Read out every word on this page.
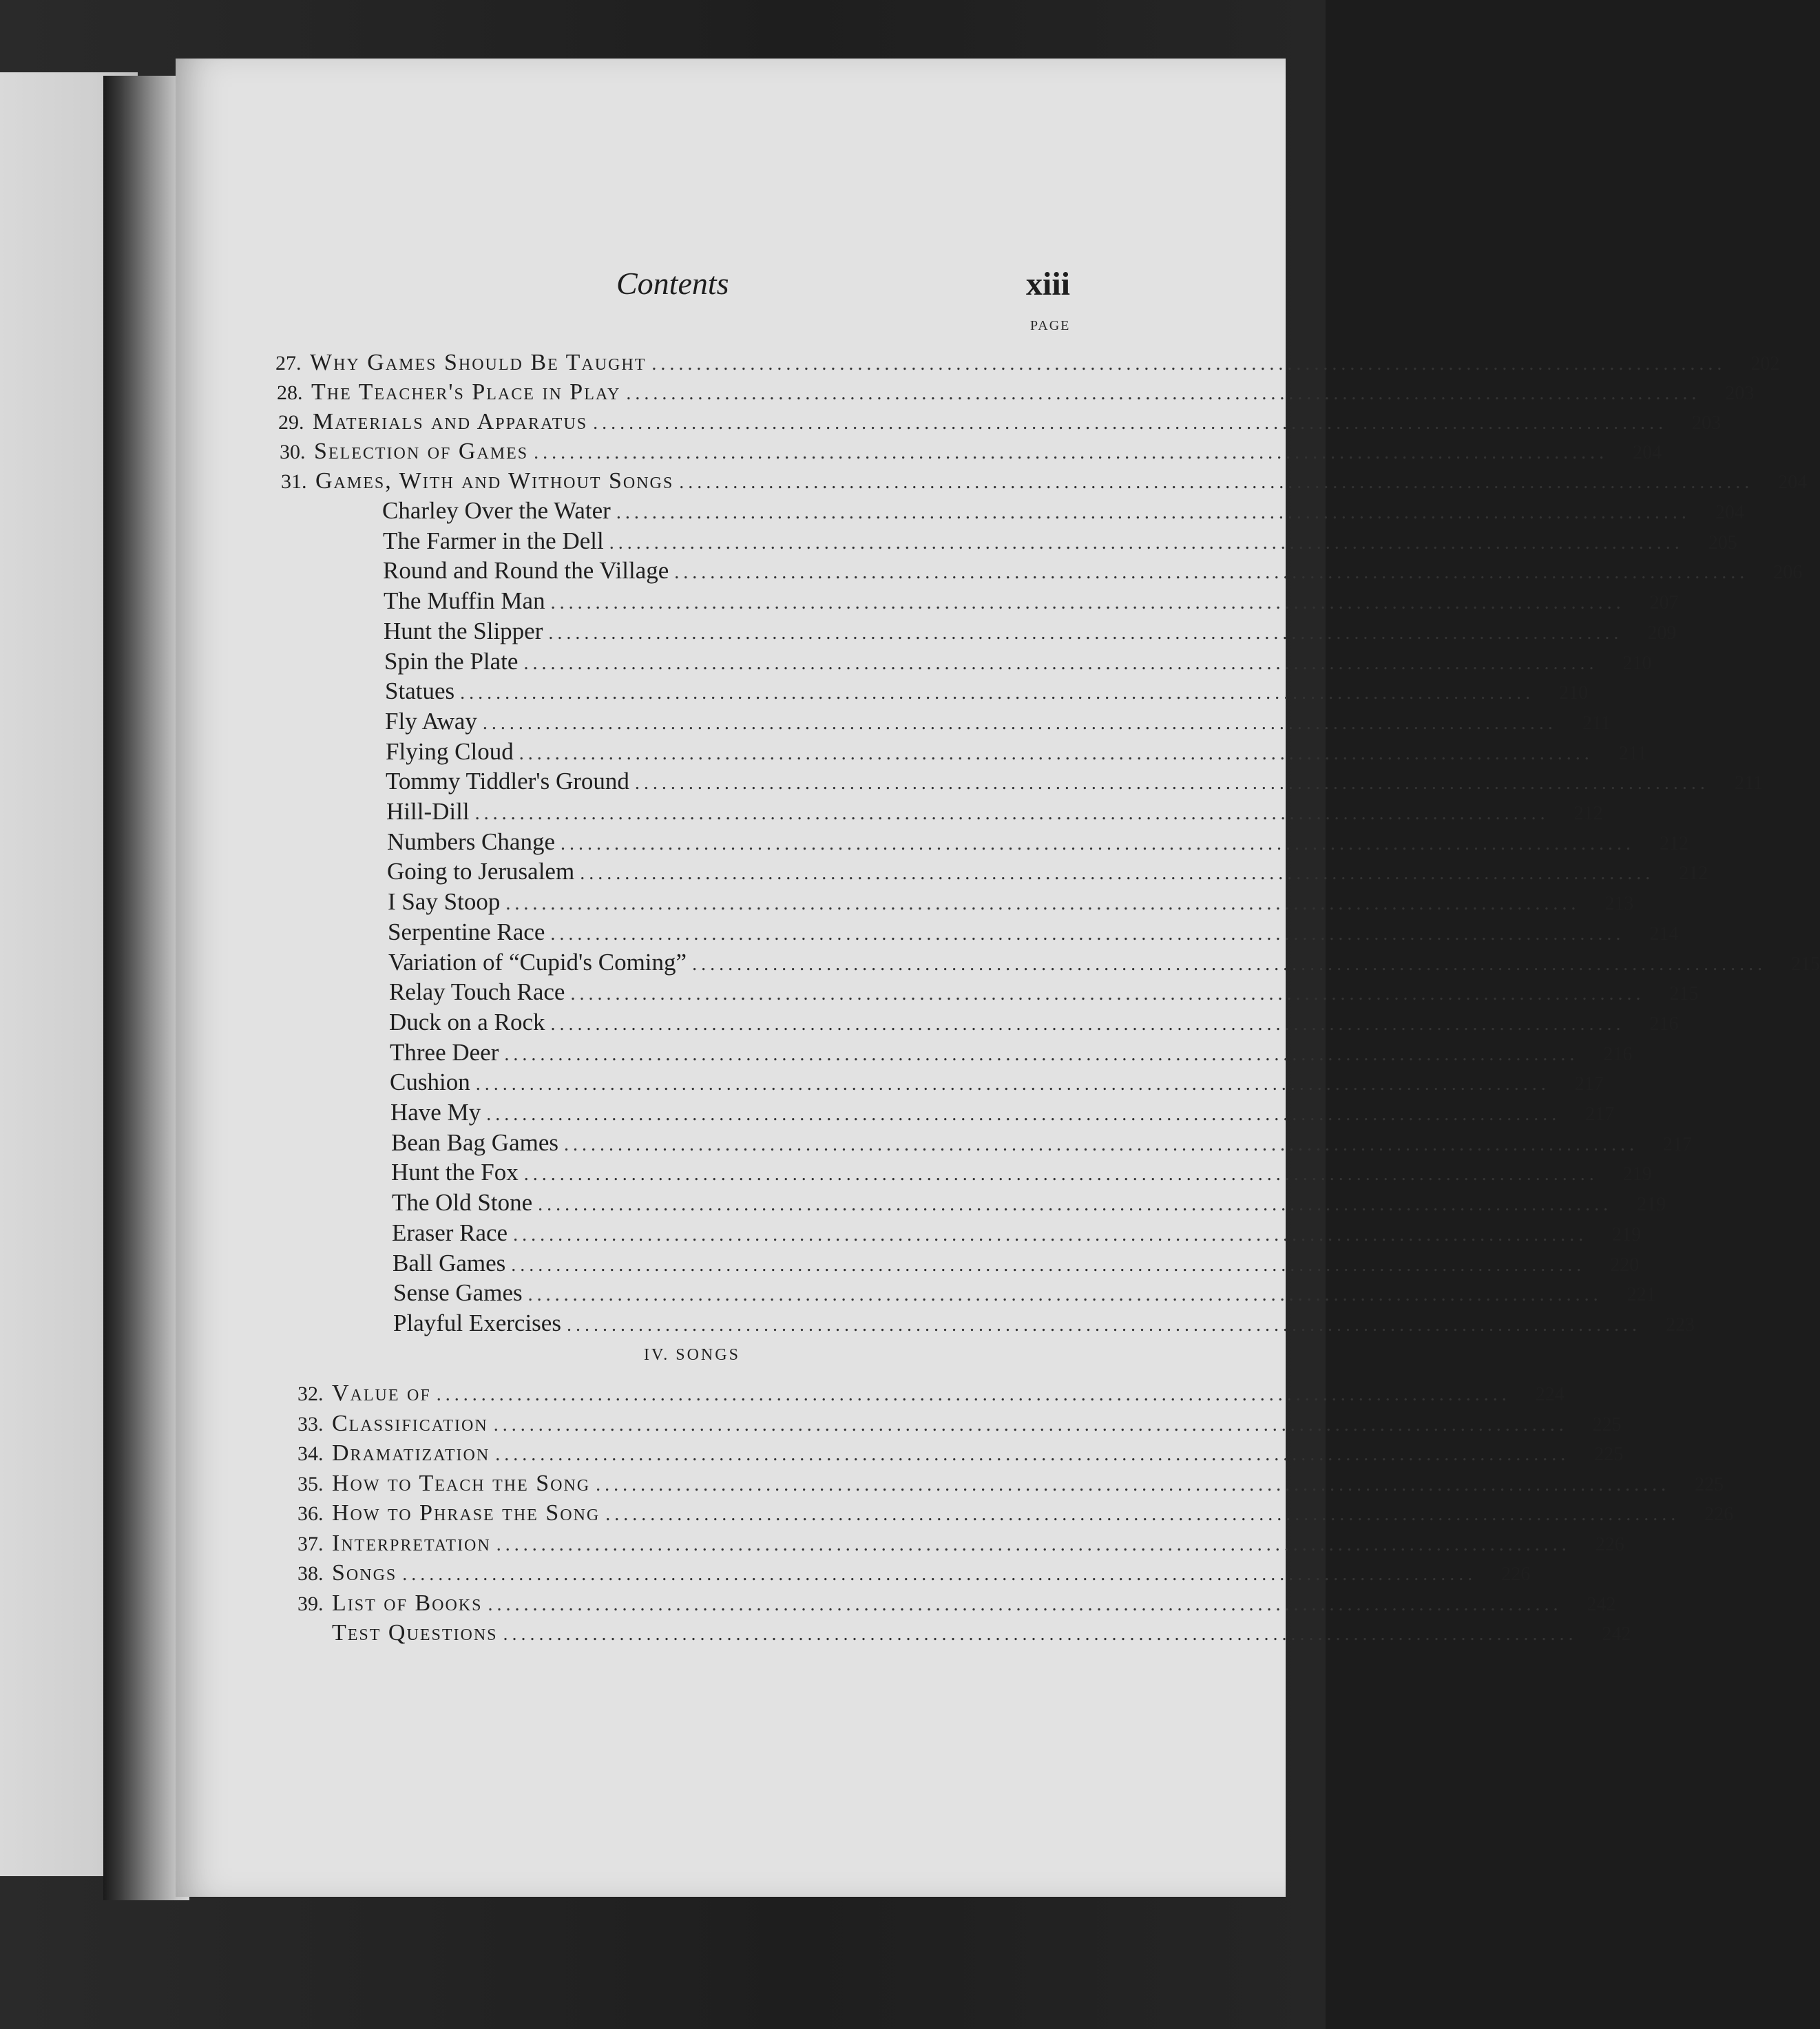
Contents	xiii
PAGE
27. Why Games Should Be Taught ........................................................................................................................	202
28. The Teacher's Place in Play ........................................................................................................................	203
29. Materials and Apparatus ........................................................................................................................	203
30. Selection of Games ........................................................................................................................	204
31. Games, With and Without Songs ........................................................................................................................	204
Charley Over the Water ........................................................................................................................	204
The Farmer in the Dell ........................................................................................................................	205
Round and Round the Village ........................................................................................................................	206
The Muffin Man ........................................................................................................................	207
Hunt the Slipper ........................................................................................................................	209
Spin the Plate ........................................................................................................................	210
Statues ........................................................................................................................	210
Fly Away ........................................................................................................................	211
Flying Cloud ........................................................................................................................	211
Tommy Tiddler's Ground ........................................................................................................................	211
Hill-Dill ........................................................................................................................	212
Numbers Change ........................................................................................................................	212
Going to Jerusalem ........................................................................................................................	212
I Say Stoop ........................................................................................................................	213
Serpentine Race ........................................................................................................................	214
Variation of “Cupid's Coming” ........................................................................................................................	215
Relay Touch Race ........................................................................................................................	215
Duck on a Rock ........................................................................................................................	216
Three Deer ........................................................................................................................	216
Cushion ........................................................................................................................	217
Have My ........................................................................................................................	217
Bean Bag Games ........................................................................................................................	217
Hunt the Fox ........................................................................................................................	219
The Old Stone ........................................................................................................................	219
Eraser Race ........................................................................................................................	219
Ball Games ........................................................................................................................	220
Sense Games ........................................................................................................................	221
Playful Exercises ........................................................................................................................	223
32. Value of ........................................................................................................................	224
33. Classification ........................................................................................................................	225
34. Dramatization ........................................................................................................................	225
35. How to Teach the Song ........................................................................................................................	225
36. How to Phrase the Song ........................................................................................................................	226
37. Interpretation ........................................................................................................................	226
38. Songs ........................................................................................................................	226
39. List of Books ........................................................................................................................	242
Test Questions ........................................................................................................................	242
IV. SONGS
